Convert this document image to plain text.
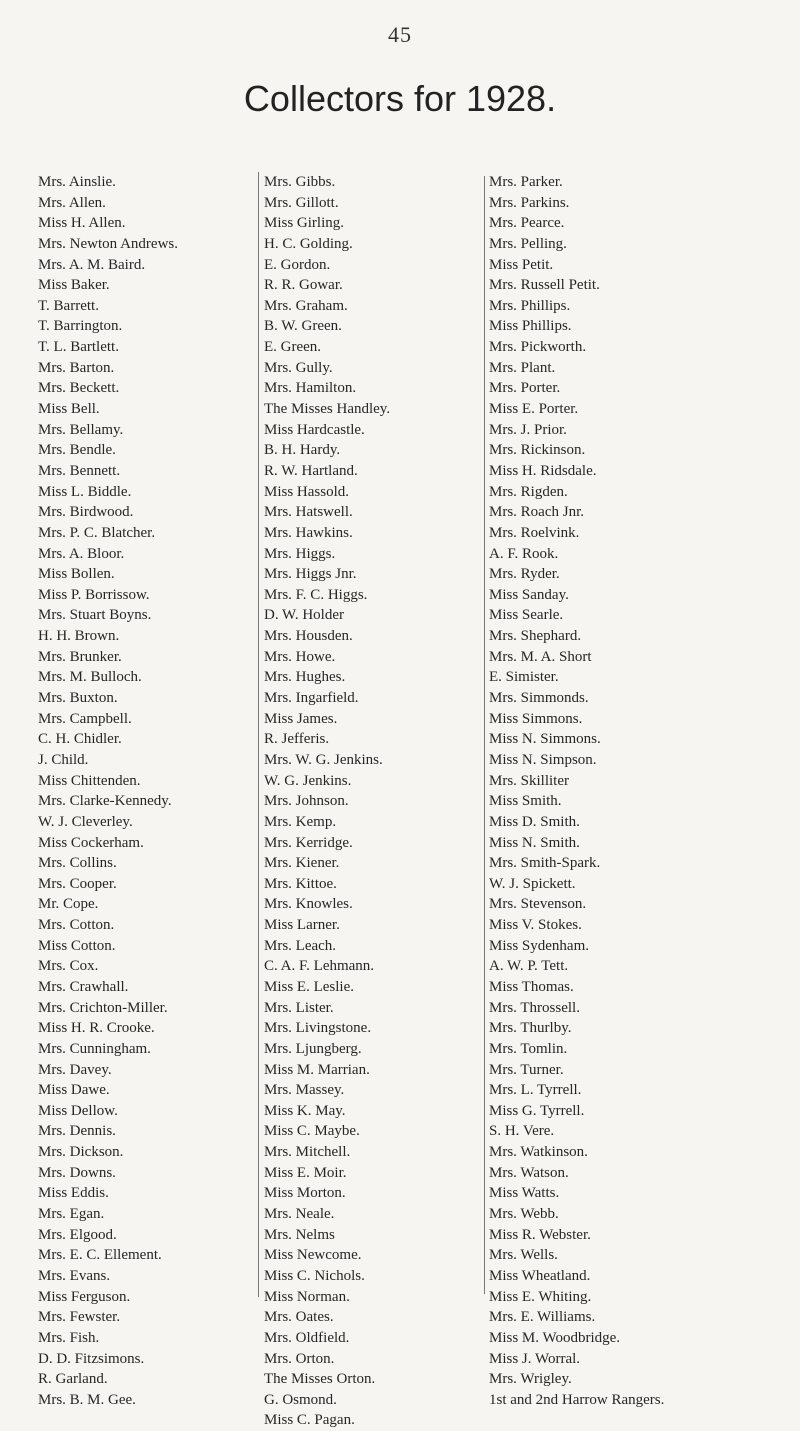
45
Collectors for 1928.
Mrs. Ainslie.
Mrs. Allen.
Miss H. Allen.
Mrs. Newton Andrews.
Mrs. A. M. Baird.
Miss Baker.
T. Barrett.
T. Barrington.
T. L. Bartlett.
Mrs. Barton.
Mrs. Beckett.
Miss Bell.
Mrs. Bellamy.
Mrs. Bendle.
Mrs. Bennett.
Miss L. Biddle.
Mrs. Birdwood.
Mrs. P. C. Blatcher.
Mrs. A. Bloor.
Miss Bollen.
Miss P. Borrissow.
Mrs. Stuart Boyns.
H. H. Brown.
Mrs. Brunker.
Mrs. M. Bulloch.
Mrs. Buxton.
Mrs. Campbell.
C. H. Chidler.
J. Child.
Miss Chittenden.
Mrs. Clarke-Kennedy.
W. J. Cleverley.
Miss Cockerham.
Mrs. Collins.
Mrs. Cooper.
Mr. Cope.
Mrs. Cotton.
Miss Cotton.
Mrs. Cox.
Mrs. Crawhall.
Mrs. Crichton-Miller.
Miss H. R. Crooke.
Mrs. Cunningham.
Mrs. Davey.
Miss Dawe.
Miss Dellow.
Mrs. Dennis.
Mrs. Dickson.
Mrs. Downs.
Miss Eddis.
Mrs. Egan.
Mrs. Elgood.
Mrs. E. C. Ellement.
Mrs. Evans.
Miss Ferguson.
Mrs. Fewster.
Mrs. Fish.
D. D. Fitzsimons.
R. Garland.
Mrs. B. M. Gee.
Mrs. Gibbs.
Mrs. Gillott.
Miss Girling.
H. C. Golding.
E. Gordon.
R. R. Gowar.
Mrs. Graham.
B. W. Green.
E. Green.
Mrs. Gully.
Mrs. Hamilton.
The Misses Handley.
Miss Hardcastle.
B. H. Hardy.
R. W. Hartland.
Miss Hassold.
Mrs. Hatswell.
Mrs. Hawkins.
Mrs. Higgs.
Mrs. Higgs Jnr.
Mrs. F. C. Higgs.
D. W. Holder
Mrs. Housden.
Mrs. Howe.
Mrs. Hughes.
Mrs. Ingarfield.
Miss James.
R. Jefferis.
Mrs. W. G. Jenkins.
W. G. Jenkins.
Mrs. Johnson.
Mrs. Kemp.
Mrs. Kerridge.
Mrs. Kiener.
Mrs. Kittoe.
Mrs. Knowles.
Miss Larner.
Mrs. Leach.
C. A. F. Lehmann.
Miss E. Leslie.
Mrs. Lister.
Mrs. Livingstone.
Mrs. Ljungberg.
Miss M. Marrian.
Mrs. Massey.
Miss K. May.
Miss C. Maybe.
Mrs. Mitchell.
Miss E. Moir.
Miss Morton.
Mrs. Neale.
Mrs. Nelms
Miss Newcome.
Miss C. Nichols.
Miss Norman.
Mrs. Oates.
Mrs. Oldfield.
Mrs. Orton.
The Misses Orton.
G. Osmond.
Miss C. Pagan.
Mrs. Parker.
Mrs. Parkins.
Mrs. Pearce.
Mrs. Pelling.
Miss Petit.
Mrs. Russell Petit.
Mrs. Phillips.
Miss Phillips.
Mrs. Pickworth.
Mrs. Plant.
Mrs. Porter.
Miss E. Porter.
Mrs. J. Prior.
Mrs. Rickinson.
Miss H. Ridsdale.
Mrs. Rigden.
Mrs. Roach Jnr.
Mrs. Roelvink.
A. F. Rook.
Mrs. Ryder.
Miss Sanday.
Miss Searle.
Mrs. Shephard.
Mrs. M. A. Short
E. Simister.
Mrs. Simmonds.
Miss Simmons.
Miss N. Simmons.
Miss N. Simpson.
Mrs. Skilliter
Miss Smith.
Miss D. Smith.
Miss N. Smith.
Mrs. Smith-Spark.
W. J. Spickett.
Mrs. Stevenson.
Miss V. Stokes.
Miss Sydenham.
A. W. P. Tett.
Miss Thomas.
Mrs. Throssell.
Mrs. Thurlby.
Mrs. Tomlin.
Mrs. Turner.
Mrs. L. Tyrrell.
Miss G. Tyrrell.
S. H. Vere.
Mrs. Watkinson.
Mrs. Watson.
Miss Watts.
Mrs. Webb.
Miss R. Webster.
Mrs. Wells.
Miss Wheatland.
Miss E. Whiting.
Mrs. E. Williams.
Miss M. Woodbridge.
Miss J. Worral.
Mrs. Wrigley.
1st and 2nd Harrow Rangers.
